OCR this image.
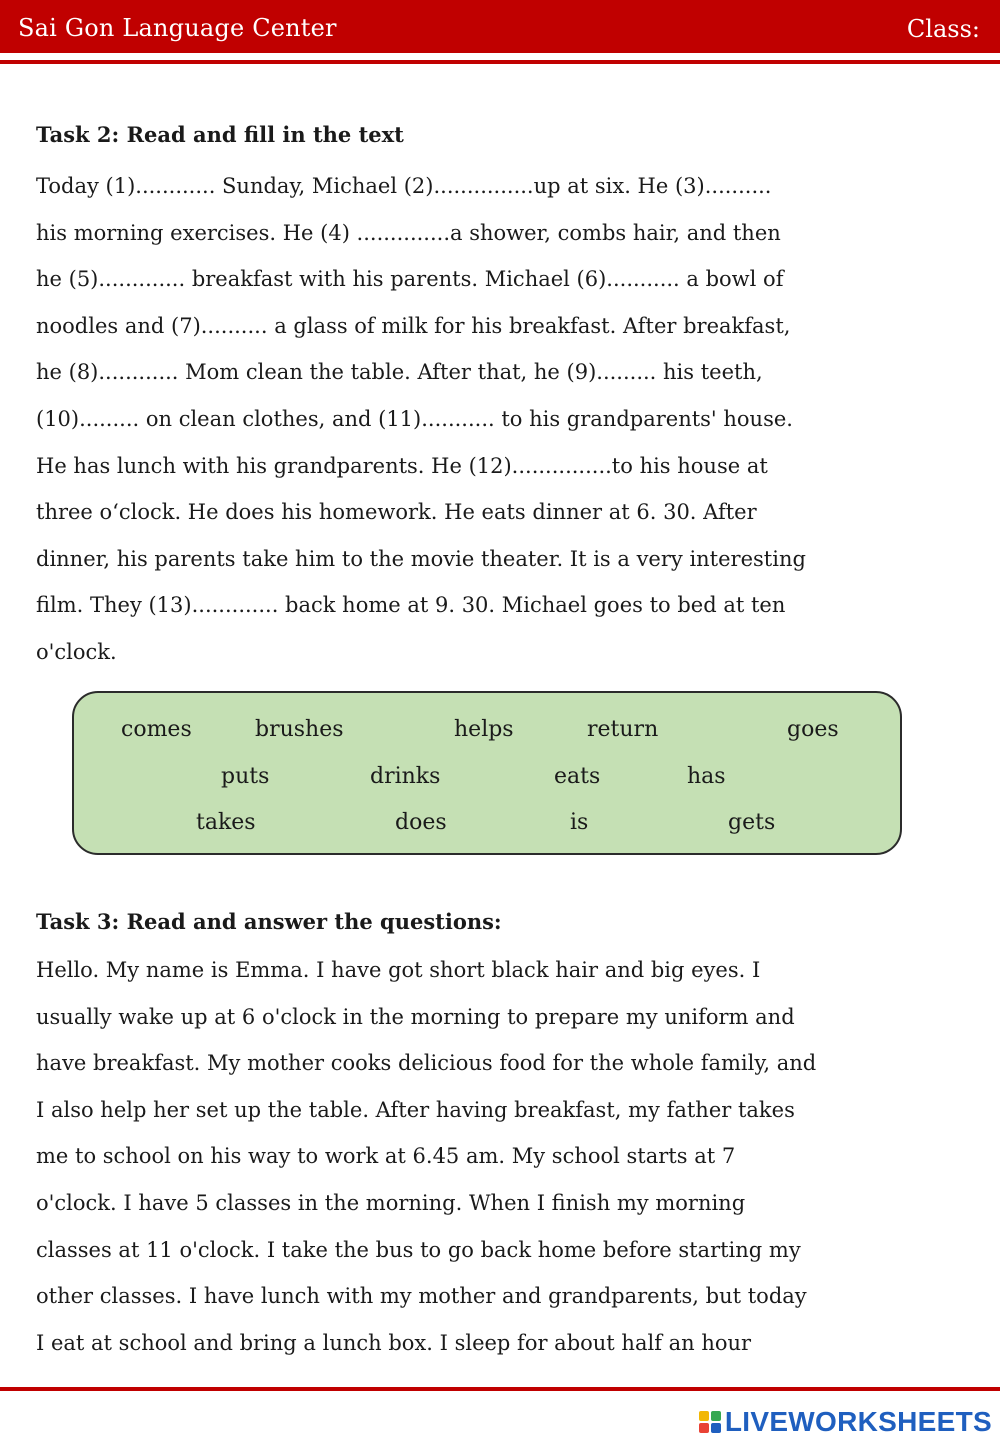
Sai Gon Language Center	Class:
Task 2: Read and fill in the text
Today (1)............ Sunday, Michael (2)...............up at six. He (3)..........
his morning exercises. He (4) ..............a shower, combs hair, and then
he (5)............. breakfast with his parents. Michael (6)........... a bowl of
noodles and (7).......... a glass of milk for his breakfast. After breakfast,
he (8)............ Mom clean the table. After that, he (9)......... his teeth,
(10)......... on clean clothes, and (11)........... to his grandparents' house.
He has lunch with his grandparents. He (12)...............to his house at
three o‘clock. He does his homework. He eats dinner at 6. 30. After
dinner, his parents take him to the movie theater. It is a very interesting
film. They (13)............. back home at 9. 30. Michael goes to bed at ten
o'clock.
comes	brushes	helps	return	goes
puts	drinks	eats	has
takes	does	is	gets
Task 3: Read and answer the questions:
Hello. My name is Emma. I have got short black hair and big eyes. I
usually wake up at 6 o'clock in the morning to prepare my uniform and
have breakfast. My mother cooks delicious food for the whole family, and
I also help her set up the table. After having breakfast, my father takes
me to school on his way to work at 6.45 am. My school starts at 7
o'clock. I have 5 classes in the morning. When I finish my morning
classes at 11 o'clock. I take the bus to go back home before starting my
other classes. I have lunch with my mother and grandparents, but today
I eat at school and bring a lunch box. I sleep for about half an hour
LIVEWORKSHEETS
